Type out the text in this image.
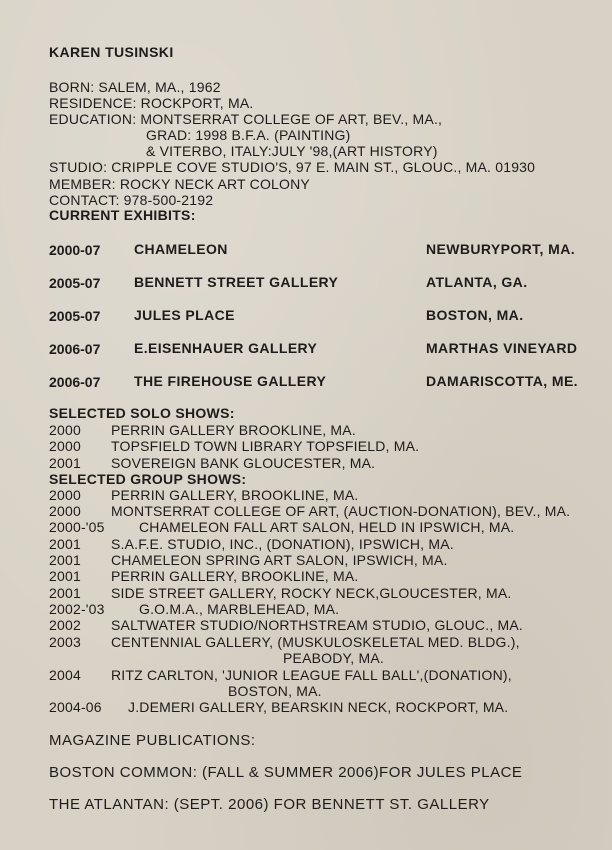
KAREN TUSINSKI
BORN: SALEM, MA., 1962
RESIDENCE: ROCKPORT, MA.
EDUCATION: MONTSERRAT COLLEGE OF ART, BEV., MA.,
GRAD: 1998 B.F.A. (PAINTING)
& VITERBO, ITALY:JULY '98,(ART HISTORY)
STUDIO: CRIPPLE COVE STUDIO'S, 97 E. MAIN ST., GLOUC., MA. 01930
MEMBER: ROCKY NECK ART COLONY
CONTACT: 978-500-2192
CURRENT EXHIBITS:
2000-07 CHAMELEON	NEWBURYPORT, MA.
2005-07 BENNETT STREET GALLERY	ATLANTA, GA.
2005-07 JULES PLACE	BOSTON, MA.
2006-07 E.EISENHAUER GALLERY	MARTHAS VINEYARD
2006-07 THE FIREHOUSE GALLERY	DAMARISCOTTA, ME.
SELECTED SOLO SHOWS:
2000 PERRIN GALLERY BROOKLINE, MA.
2000 TOPSFIELD TOWN LIBRARY TOPSFIELD, MA.
2001 SOVEREIGN BANK GLOUCESTER, MA.
SELECTED GROUP SHOWS:
2000 PERRIN GALLERY, BROOKLINE, MA.
2000 MONTSERRAT COLLEGE OF ART, (AUCTION-DONATION), BEV., MA.
2000-'05 CHAMELEON FALL ART SALON, HELD IN IPSWICH, MA.
2001 S.A.F.E. STUDIO, INC., (DONATION), IPSWICH, MA.
2001 CHAMELEON SPRING ART SALON, IPSWICH, MA.
2001 PERRIN GALLERY, BROOKLINE, MA.
2001 SIDE STREET GALLERY, ROCKY NECK,GLOUCESTER, MA.
2002-'03 G.O.M.A., MARBLEHEAD, MA.
2002 SALTWATER STUDIO/NORTHSTREAM STUDIO, GLOUC., MA.
2003 CENTENNIAL GALLERY, (MUSKULOSKELETAL MED. BLDG.),
PEABODY, MA.
2004 RITZ CARLTON, 'JUNIOR LEAGUE FALL BALL',(DONATION),
BOSTON, MA.
2004-06 J.DEMERI GALLERY, BEARSKIN NECK, ROCKPORT, MA.
MAGAZINE PUBLICATIONS:
BOSTON COMMON: (FALL & SUMMER 2006)FOR JULES PLACE
THE ATLANTAN: (SEPT. 2006) FOR BENNETT ST. GALLERY
